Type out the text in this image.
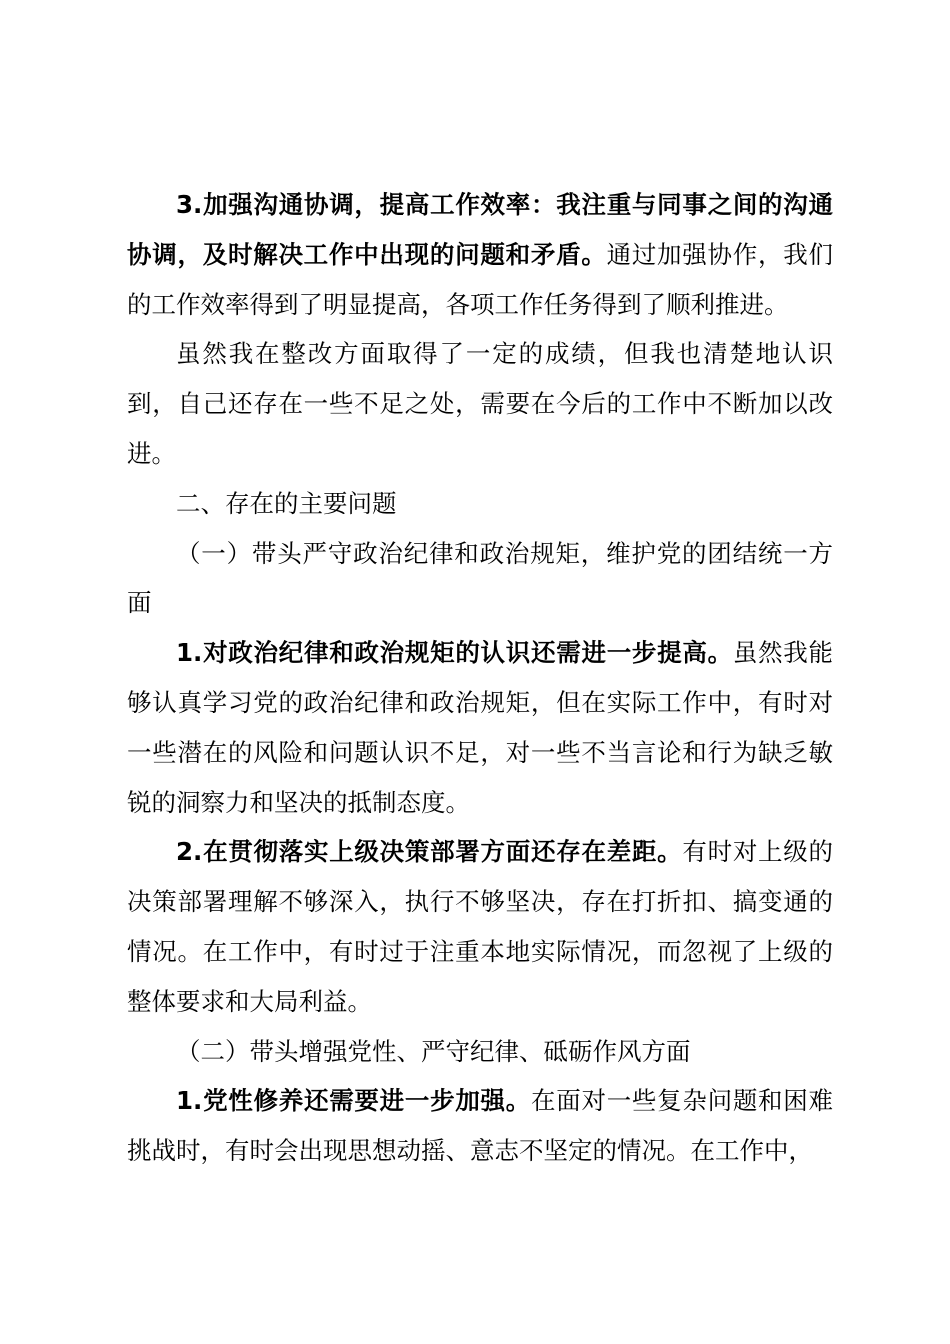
3.加强沟通协调，提高工作效率：我注重与同事之间的沟通协调，及时解决工作中出现的问题和矛盾。通过加强协作，我们的工作效率得到了明显提高，各项工作任务得到了顺利推进。

虽然我在整改方面取得了一定的成绩，但我也清楚地认识到，自己还存在一些不足之处，需要在今后的工作中不断加以改进。

二、存在的主要问题

（一）带头严守政治纪律和政治规矩，维护党的团结统一方面

1.对政治纪律和政治规矩的认识还需进一步提高。虽然我能够认真学习党的政治纪律和政治规矩，但在实际工作中，有时对一些潜在的风险和问题认识不足，对一些不当言论和行为缺乏敏锐的洞察力和坚决的抵制态度。

2.在贯彻落实上级决策部署方面还存在差距。有时对上级的决策部署理解不够深入，执行不够坚决，存在打折扣、搞变通的情况。在工作中，有时过于注重本地实际情况，而忽视了上级的整体要求和大局利益。

（二）带头增强党性、严守纪律、砥砺作风方面

1.党性修养还需要进一步加强。在面对一些复杂问题和困难挑战时，有时会出现思想动摇、意志不坚定的情况。在工作中，
